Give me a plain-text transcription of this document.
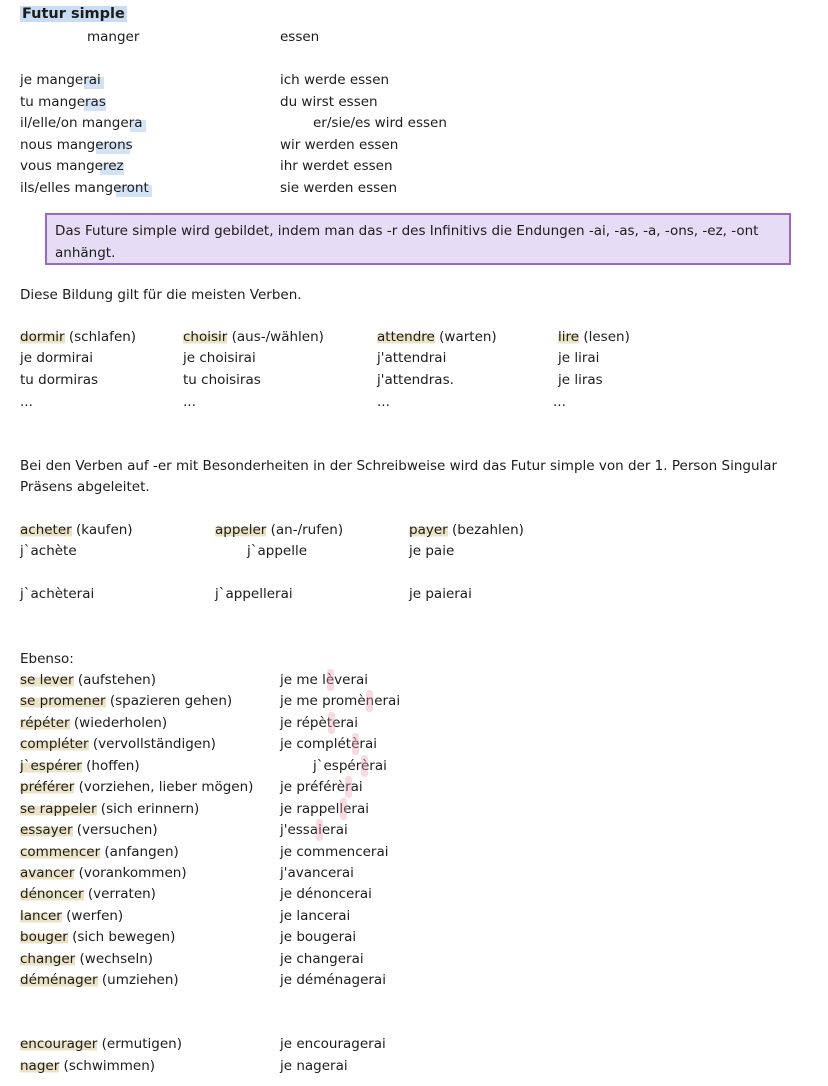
Futur simple
manger	essen
je mangerai
tu mangeras
il/elle/on mangera
nous mangerons
vous mangerez
ils/elles mangeront
ich werde essen
du wirst essen
er/sie/es wird essen
wir werden essen
ihr werdet essen
sie werden essen
Das Future simple wird gebildet, indem man das -r des Infinitivs die Endungen -ai, -as, -a, -ons, -ez, -ont
anhängt.
Diese Bildung gilt für die meisten Verben.
dormir (schlafen)
je dormirai
tu dormiras
...
choisir (aus-/wählen)
je choisirai
tu choisiras
...
attendre (warten)
j'attendrai
j'attendras.
...
lire (lesen)
je lirai
je liras
...
Bei den Verben auf -er mit Besonderheiten in der Schreibweise wird das Futur simple von der 1. Person Singular
Präsens abgeleitet.
acheter (kaufen)
j`achète
j`achèterai
appeler (an-/rufen)
j`appelle
j`appellerai
payer (bezahlen)
je paie
je paierai
Ebenso:
se lever (aufstehen)
se promener (spazieren gehen)
répéter (wiederholen)
compléter (vervollständigen)
j`espérer (hoffen)
préférer (vorziehen, lieber mögen)
se rappeler (sich erinnern)
essayer (versuchen)
commencer (anfangen)
avancer (vorankommen)
dénoncer (verraten)
lancer (werfen)
bouger (sich bewegen)
changer (wechseln)
déménager (umziehen)
je me lèverai
je me promènerai
je répèterai
je complétèrai
j`espérèrai
je préférèrai
je rappellerai
j'essaierai
je commencerai
j'avancerai
je dénoncerai
je lancerai
je bougerai
je changerai
je déménagerai
encourager (ermutigen)
nager (schwimmen)
je encouragerai
je nagerai
